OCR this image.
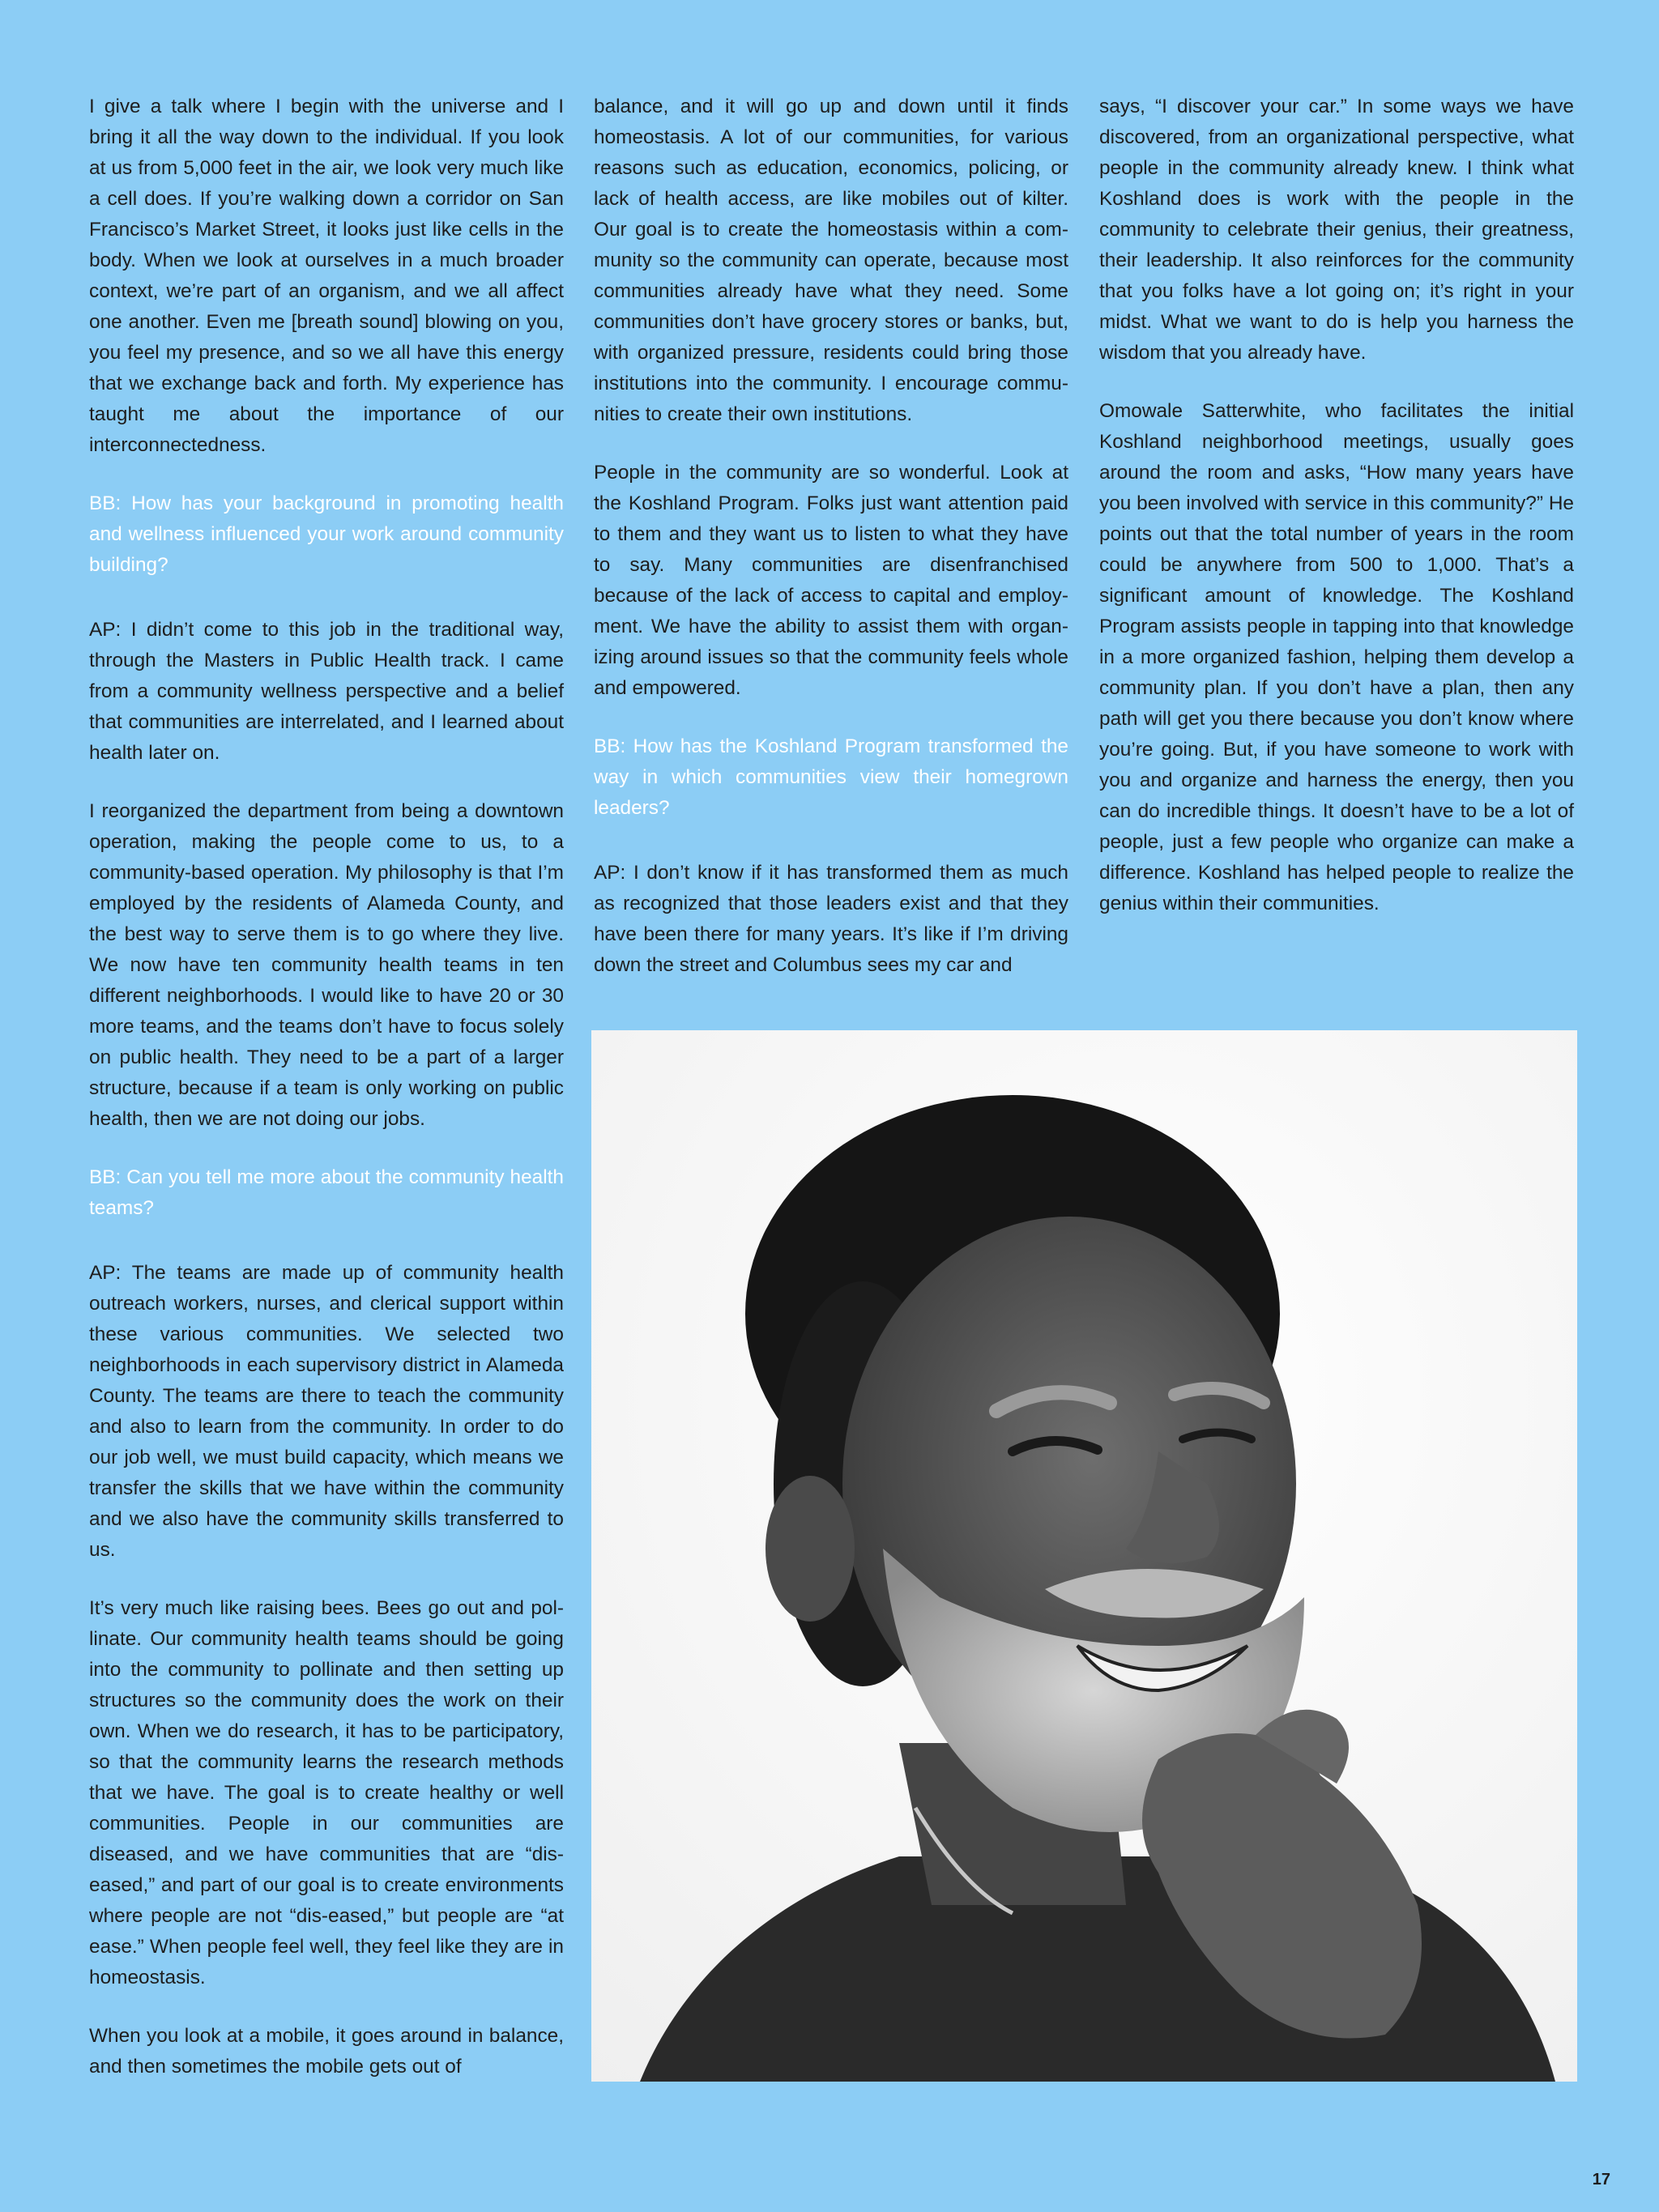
I give a talk where I begin with the universe and I bring it all the way down to the individual. If you look at us from 5,000 feet in the air, we look very much like a cell does. If you’re walking down a corridor on San Francisco’s Market Street, it looks just like cells in the body. When we look at ourselves in a much broader context, we’re part of an organism, and we all affect one another. Even me [breath sound] blowing on you, you feel my presence, and so we all have this energy that we exchange back and forth. My experience has taught me about the importance of our interconnectedness.

BB: How has your background in promoting health and wellness influenced your work around community building?

AP: I didn’t come to this job in the traditional way, through the Masters in Public Health track. I came from a community wellness perspective and a belief that communities are interrelated, and I learned about health later on.

I reorganized the department from being a downtown operation, making the people come to us, to a community-based operation. My philosophy is that I’m employed by the residents of Alameda County, and the best way to serve them is to go where they live. We now have ten community health teams in ten different neighborhoods. I would like to have 20 or 30 more teams, and the teams don’t have to focus solely on public health. They need to be a part of a larger structure, because if a team is only working on public health, then we are not doing our jobs.

BB: Can you tell me more about the community health teams?

AP: The teams are made up of community health outreach workers, nurses, and clerical support within these various communities. We selected two neighborhoods in each supervisory district in Alameda County. The teams are there to teach the community and also to learn from the community. In order to do our job well, we must build capacity, which means we transfer the skills that we have within the community and we also have the community skills transferred to us.

It’s very much like raising bees. Bees go out and pollinate. Our community health teams should be going into the community to pollinate and then setting up structures so the community does the work on their own. When we do research, it has to be participatory, so that the community learns the research methods that we have. The goal is to create healthy or well communities. People in our communities are diseased, and we have communities that are “diseased,” and part of our goal is to create environments where people are not “dis-eased,” but people are “at ease.” When people feel well, they feel like they are in homeostasis.

When you look at a mobile, it goes around in balance, and then sometimes the mobile gets out of

balance, and it will go up and down until it finds homeostasis. A lot of our communities, for various reasons such as education, economics, policing, or lack of health access, are like mobiles out of kilter. Our goal is to create the homeostasis within a community so the community can operate, because most communities already have what they need. Some communities don’t have grocery stores or banks, but, with organized pressure, residents could bring those institutions into the community. I encourage communities to create their own institutions.

People in the community are so wonderful. Look at the Koshland Program. Folks just want attention paid to them and they want us to listen to what they have to say. Many communities are disenfranchised because of the lack of access to capital and employment. We have the ability to assist them with organizing around issues so that the community feels whole and empowered.

BB: How has the Koshland Program transformed the way in which communities view their homegrown leaders?

AP: I don’t know if it has transformed them as much as recognized that those leaders exist and that they have been there for many years. It’s like if I’m driving down the street and Columbus sees my car and

says, “I discover your car.” In some ways we have discovered, from an organizational perspective, what people in the community already knew. I think what Koshland does is work with the people in the community to celebrate their genius, their greatness, their leadership. It also reinforces for the community that you folks have a lot going on; it’s right in your midst. What we want to do is help you harness the wisdom that you already have.

Omowale Satterwhite, who facilitates the initial Koshland neighborhood meetings, usually goes around the room and asks, “How many years have you been involved with service in this community?” He points out that the total number of years in the room could be anywhere from 500 to 1,000. That’s a significant amount of knowledge. The Koshland Program assists people in tapping into that knowledge in a more organized fashion, helping them develop a community plan. If you don’t have a plan, then any path will get you there because you don’t know where you’re going. But, if you have someone to work with you and organize and harness the energy, then you can do incredible things. It doesn’t have to be a lot of people, just a few people who organize can make a difference. Koshland has helped people to realize the genius within their communities.

17
